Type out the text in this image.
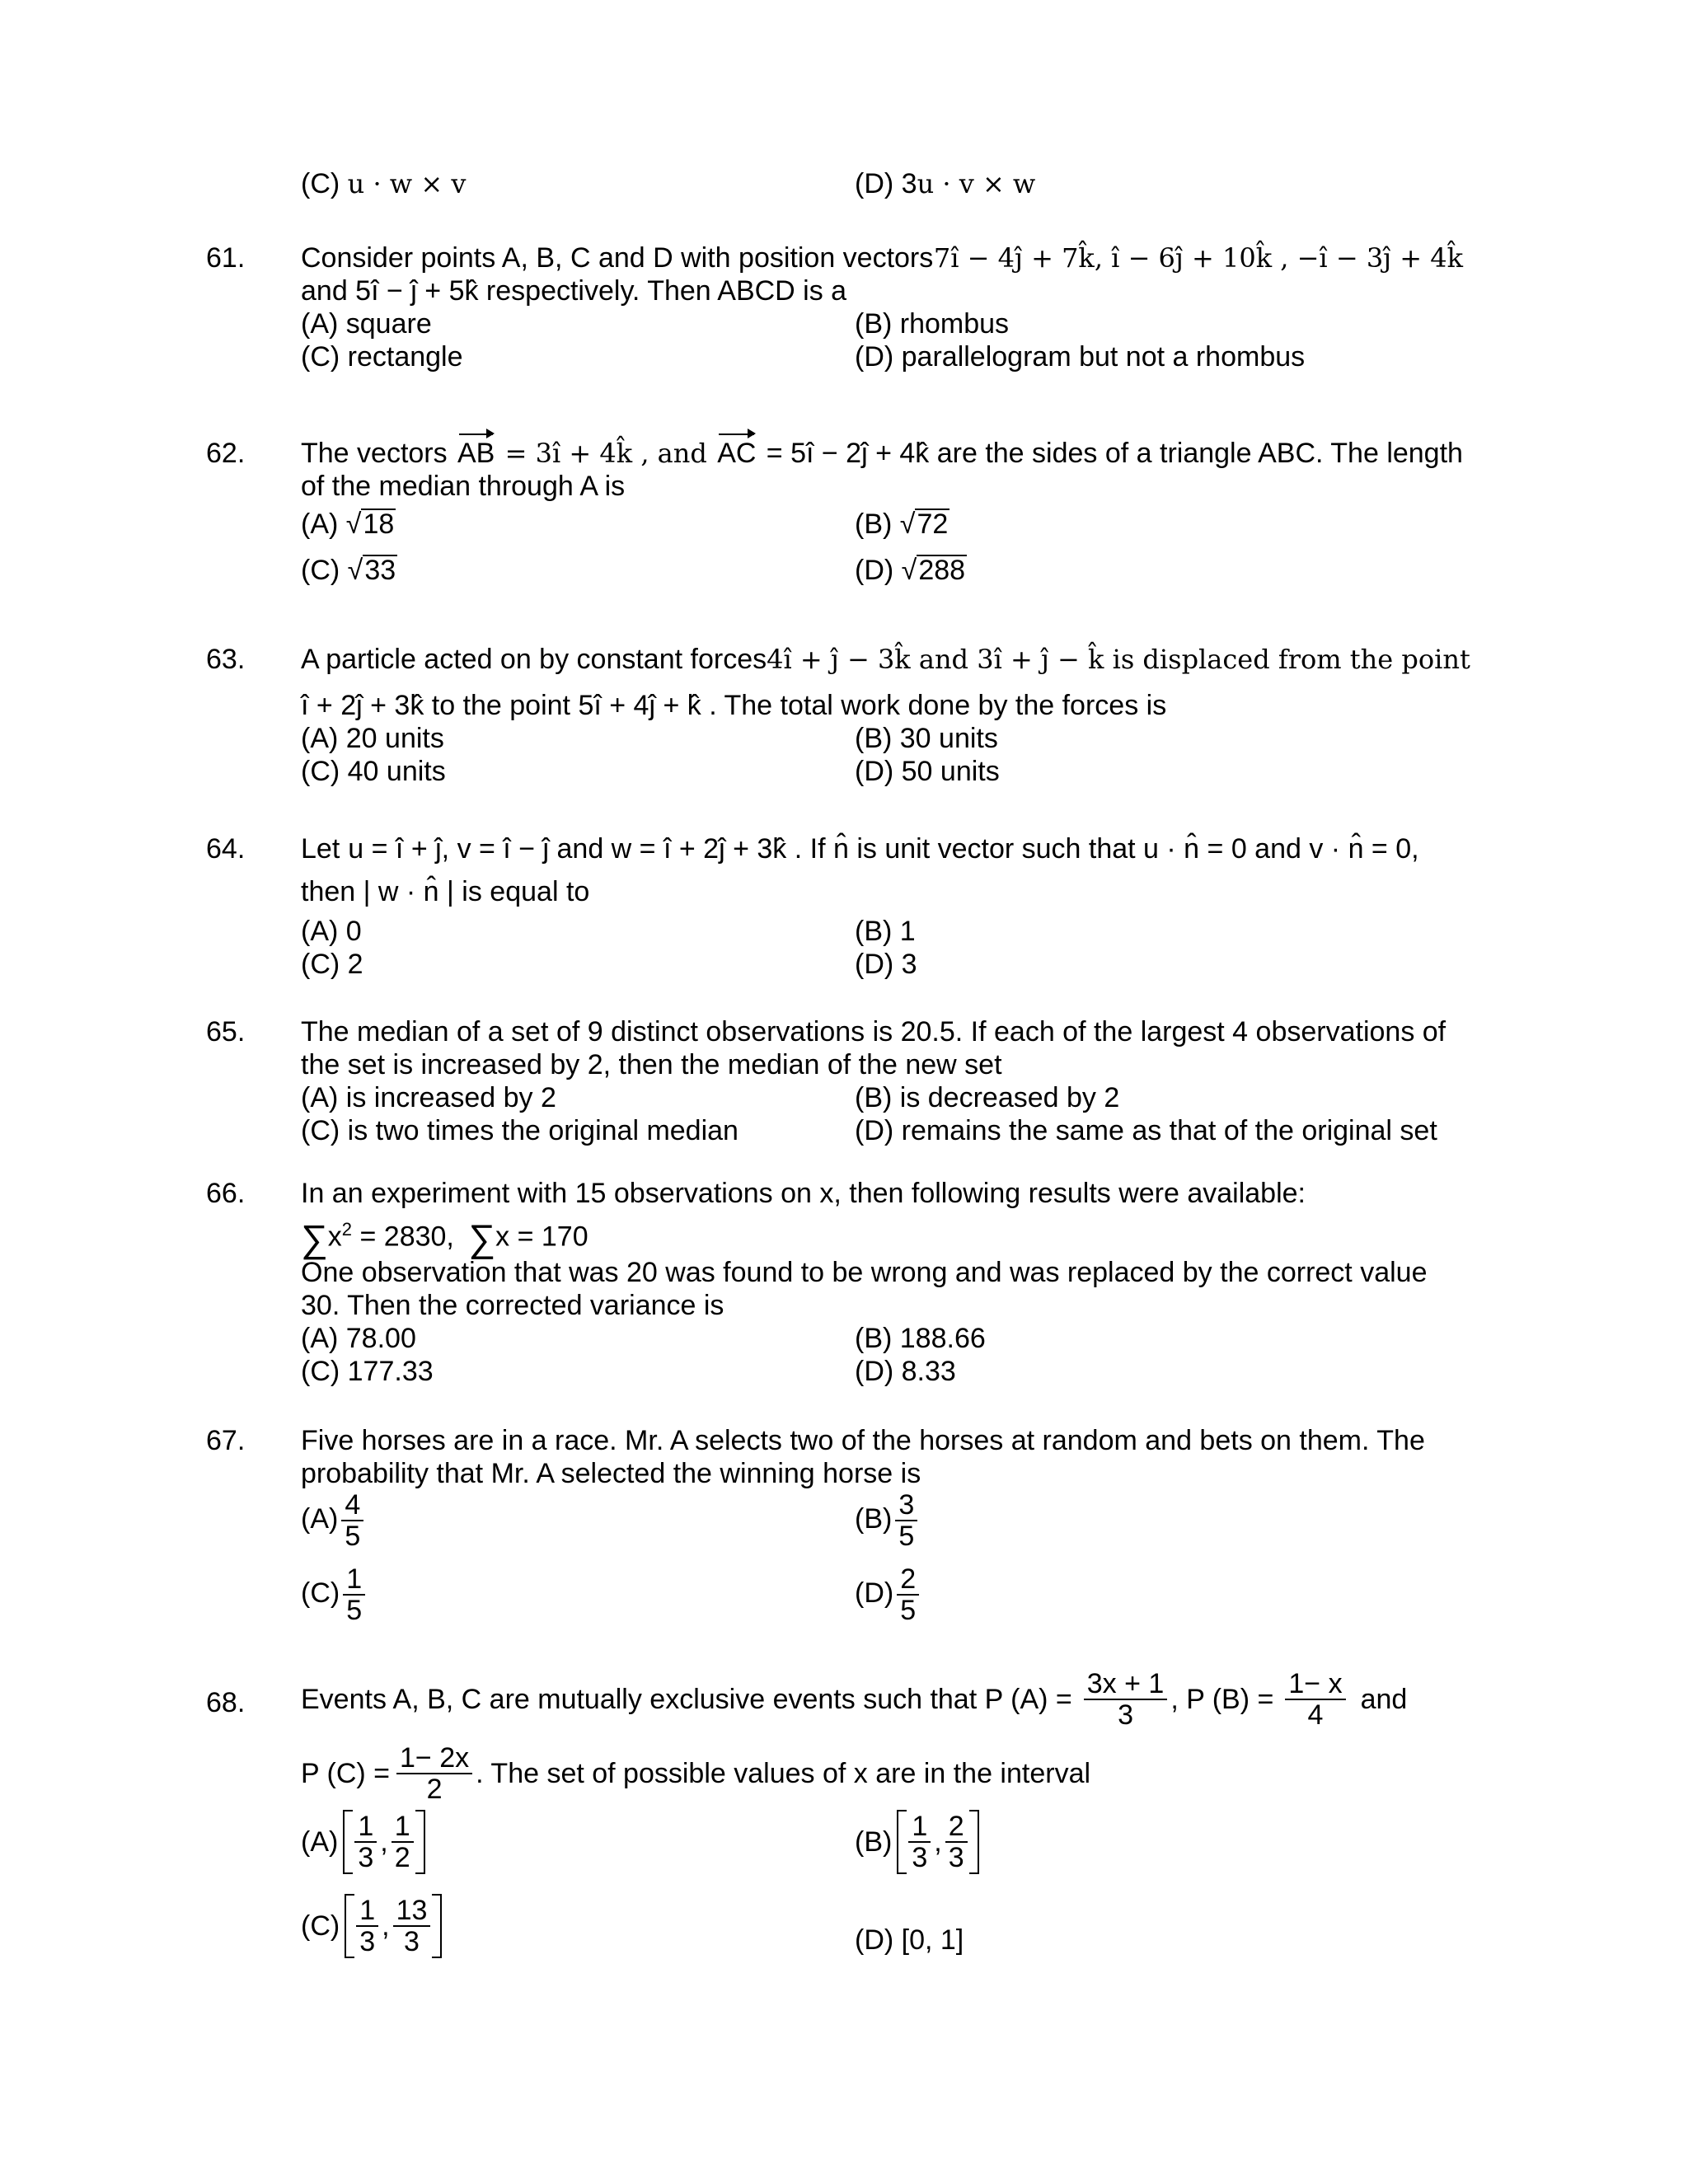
(C) u · w × v	(D) 3u · v × w
61. Consider points A, B, C and D with position vectors 7î − 4ĵ + 7k̂, î − 6ĵ + 10k̂ , −î − 3ĵ + 4k̂
and 5î − ĵ + 5k̂ respectively. Then ABCD is a
(A) square	(B) rhombus
(C) rectangle	(D) parallelogram but not a rhombus
62. The vectors AB = 3î + 4k̂ , and AC = 5î − 2ĵ + 4k̂ are the sides of a triangle ABC. The length
of the median through A is
(A) √18	(B) √72
(C) √33	(D) √288
63. A particle acted on by constant forces 4î + ĵ − 3k̂ and 3î + ĵ − k̂ is displaced from the point
î + 2ĵ + 3k̂ to the point 5î + 4ĵ + k̂ . The total work done by the forces is
(A) 20 units	(B) 30 units
(C) 40 units	(D) 50 units
64. Let u = î + ĵ, v = î − ĵ and w = î + 2ĵ + 3k̂ . If n̂ is unit vector such that u · n̂ = 0 and v · n̂ = 0,
then | w · n̂ | is equal to
(A) 0	(B) 1
(C) 2	(D) 3
65. The median of a set of 9 distinct observations is 20.5. If each of the largest 4 observations of
the set is increased by 2, then the median of the new set
(A) is increased by 2	(B) is decreased by 2
(C) is two times the original median	(D) remains the same as that of the original set
66. In an experiment with 15 observations on x, then following results were available:
$\sum x^2 = 2830$, ∑x = 170
One observation that was 20 was found to be wrong and was replaced by the correct value
30. Then the corrected variance is
(A) 78.00	(B) 188.66
(C) 177.33	(D) 8.33
67. Five horses are in a race. Mr. A selects two of the horses at random and bets on them. The
probability that Mr. A selected the winning horse is
$(A) \frac{4}{5}$	$(B) \frac{3}{5}$
$(C) \frac{1}{5}$	$(D) \frac{2}{5}$
68. Events A, B, C are mutually exclusive events such that P $(A) = \frac{3x + 1}{3}$ , P $(B) = \frac{1- x}{4}$ and
P $(C) = \frac{1- 2x}{2}$ . The set of possible values of x are in the interval
$(A) \frac{1}{3}$ , $\frac{1}{2}$	$(B) \frac{1}{3}$ , $\frac{2}{3}$
$(C) \frac{1}{3}$ , $\frac{13}{3}$	(D) [0, 1]
